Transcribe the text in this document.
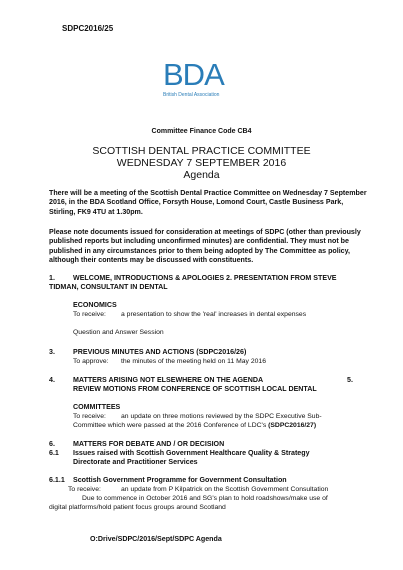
SDPC2016/25
BDA
British Dental Association
Committee Finance Code CB4
SCOTTISH DENTAL PRACTICE COMMITTEE
WEDNESDAY 7 SEPTEMBER 2016
Agenda
There will be a meeting of the Scottish Dental Practice Committee on Wednesday 7 September 2016, in the BDA Scotland Office, Forsyth House, Lomond Court, Castle Business Park, Stirling, FK9 4TU at 1.30pm.
Please note documents issued for consideration at meetings of SDPC (other than previously published reports but including unconfirmed minutes) are confidential. They must not be published in any circumstances prior to them being adopted by The Committee as policy, although their contents may be discussed with constituents.
1.	WELCOME, INTRODUCTIONS & APOLOGIES 2. PRESENTATION FROM STEVE
TIDMAN, CONSULTANT IN DENTAL
ECONOMICS
To receive: a presentation to show the 'real' increases in dental expenses
Question and Answer Session
3.	PREVIOUS MINUTES AND ACTIONS (SDPC2016/26)
To approve: the minutes of the meeting held on 11 May 2016
4.	MATTERS ARISING NOT ELSEWHERE ON THE AGENDA	5.
REVIEW MOTIONS FROM CONFERENCE OF SCOTTISH LOCAL DENTAL
COMMITTEES
To receive: an update on three motions reviewed by the SDPC Executive Sub-
Committee which were passed at the 2016 Conference of LDC's (SDPC2016/27)
6.	MATTERS FOR DEBATE AND / OR DECISION
6.1 Issues raised with Scottish Government Healthcare Quality & Strategy
Directorate and Practitioner Services
6.1.1 Scottish Government Programme for Government Consultation
To receive:	an update from P Kilpatrick on the Scottish Government Consultation
Due to commence in October 2016 and SG's plan to hold roadshows/make use of
digital platforms/hold patient focus groups around Scotland
O:Drive/SDPC/2016/Sept/SDPC Agenda
